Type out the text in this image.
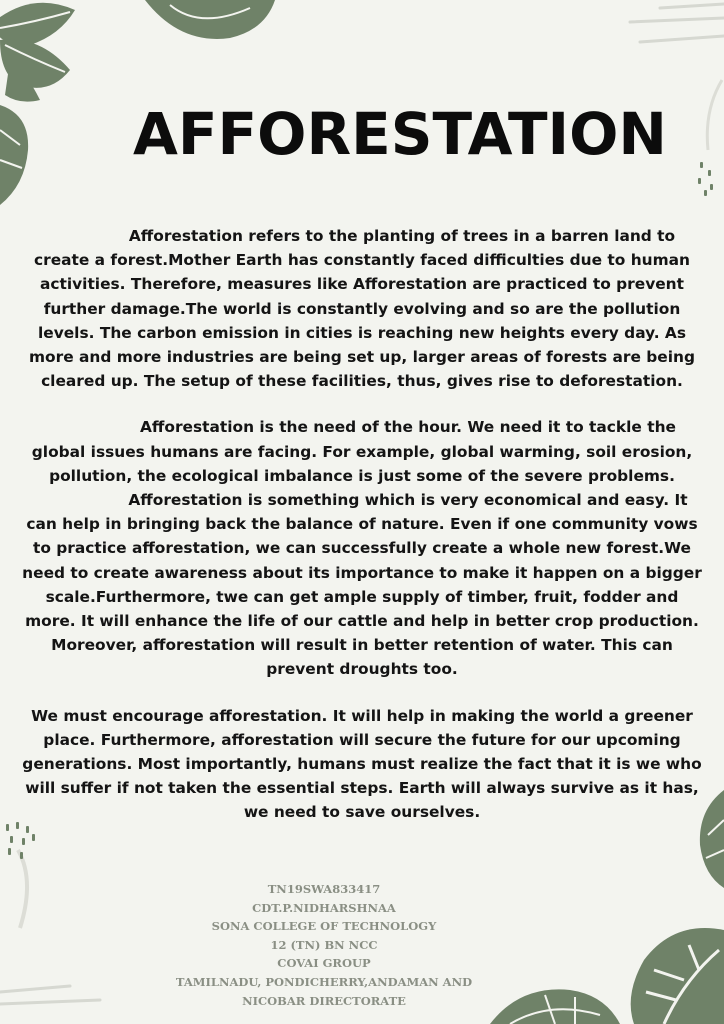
AFFORESTATION

Afforestation refers to the planting of trees in a barren land to create a forest.Mother Earth has constantly faced difficulties due to human activities. Therefore, measures like Afforestation are practiced to prevent further damage.The world is constantly evolving and so are the pollution levels. The carbon emission in cities is reaching new heights every day. As more and more industries are being set up, larger areas of forests are being cleared up. The setup of these facilities, thus, gives rise to deforestation.

Afforestation is the need of the hour. We need it to tackle the global issues humans are facing. For example, global warming, soil erosion, pollution, the ecological imbalance is just some of the severe problems.

Afforestation is something which is very economical and easy. It can help in bringing back the balance of nature. Even if one community vows to practice afforestation, we can successfully create a whole new forest.We need to create awareness about its importance to make it happen on a bigger scale.Furthermore, twe can get ample supply of timber, fruit, fodder and more. It will enhance the life of our cattle and help in better crop production. Moreover, afforestation will result in better retention of water. This can prevent droughts too.

We must encourage afforestation. It will help in making the world a greener place. Furthermore, afforestation will secure the future for our upcoming generations. Most importantly, humans must realize the fact that it is we who will suffer if not taken the essential steps. Earth will always survive as it has, we need to save ourselves.

TN19SWA833417
CDT.P.NIDHARSHNAA
SONA COLLEGE OF TECHNOLOGY
12 (TN) BN NCC
COVAI GROUP
TAMILNADU, PONDICHERRY,ANDAMAN AND
NICOBAR DIRECTORATE
